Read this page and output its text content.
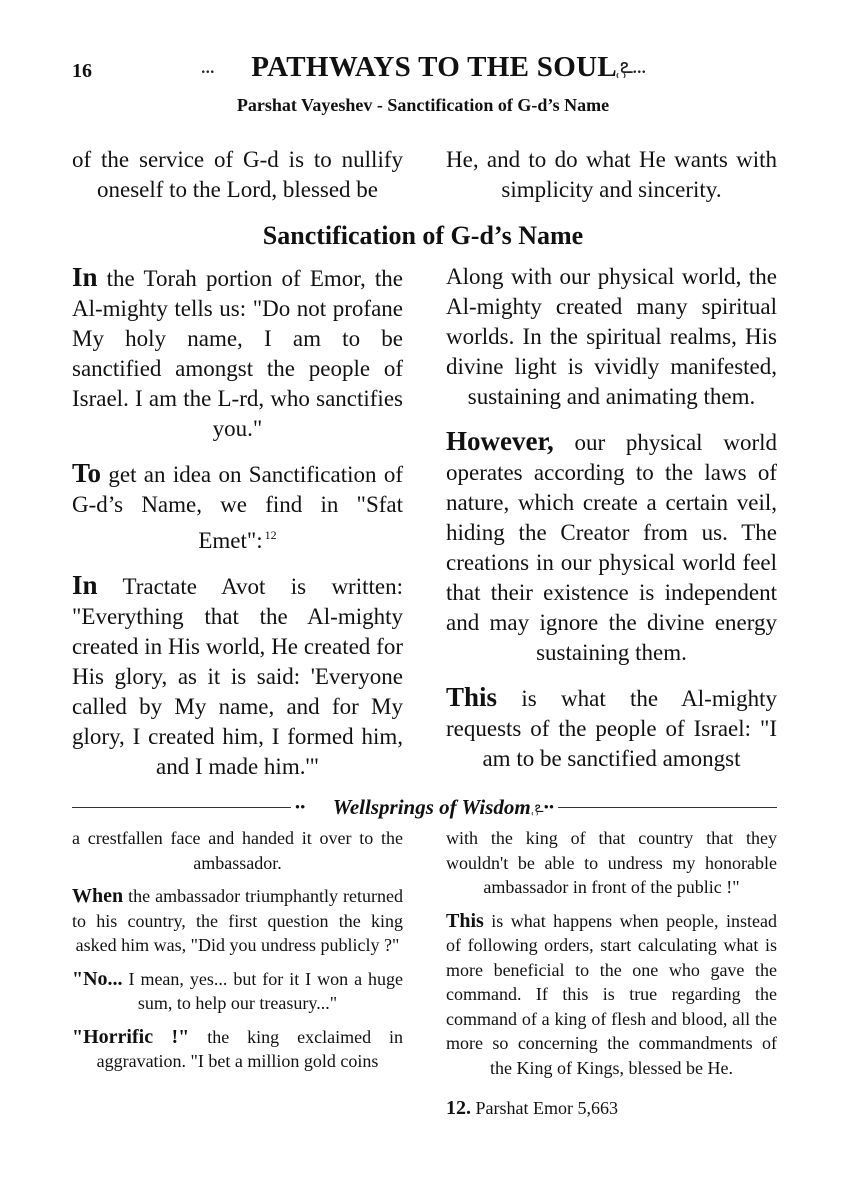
16	...ఽ᪼ PATHWAYS TO THE SOUL ᪽ఽ...
Parshat Vayeshev - Sanctification of G-d’s Name

of the service of G-d is to nullify oneself to the Lord, blessed be

He, and to do what He wants with simplicity and sincerity.

Sanctification of G-d’s Name

In the Torah portion of Emor, the Al-mighty tells us: "Do not profane My holy name, I am to be sanctified amongst the people of Israel. I am the L-rd, who sanctifies you."

To get an idea on Sanctification of G-d’s Name, we find in "Sfat Emet": $^{12}$

In Tractate Avot is written: "Everything that the Al-mighty created in His world, He created for His glory, as it is said: 'Everyone called by My name, and for My glory, I created him, I formed him, and I made him.'"

Along with our physical world, the Al-mighty created many spiritual worlds. In the spiritual realms, His divine light is vividly manifested, sustaining and animating them.

However, our physical world operates according to the laws of nature, which create a certain veil, hiding the Creator from us. The creations in our physical world feel that their existence is independent and may ignore the divine energy sustaining them.

This is what the Al-mighty requests of the people of Israel: "I am to be sanctified amongst

••ఽ᪼ Wellsprings of Wisdom ᪽ఽ••

a crestfallen face and handed it over to the ambassador.

When the ambassador triumphantly returned to his country, the first question the king asked him was, "Did you undress publicly ?"

"No... I mean, yes... but for it I won a huge sum, to help our treasury..."

"Horrific !" the king exclaimed in aggravation. "I bet a million gold coins

with the king of that country that they wouldn't be able to undress my honorable ambassador in front of the public !"

This is what happens when people, instead of following orders, start calculating what is more beneficial to the one who gave the command. If this is true regarding the command of a king of flesh and blood, all the more so concerning the commandments of the King of Kings, blessed be He.

12. Parshat Emor 5,663
